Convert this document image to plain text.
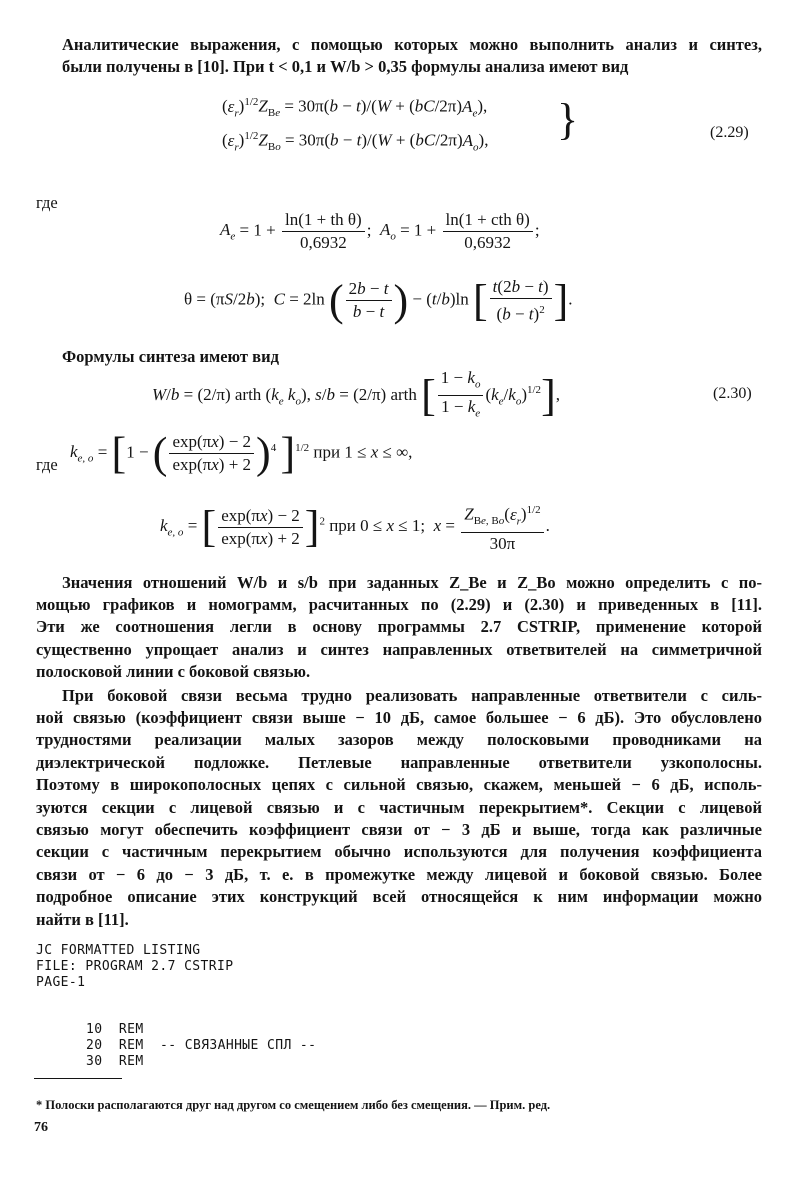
Аналитические выражения, с помощью которых можно выполнить анализ и синтез,
были получены в [10]. При t < 0,1 и W/b > 0,35 формулы анализа имеют вид

$(\varepsilon_r)^{1/2}Z_{Be} = 30\pi(b - t)/(W + (bC/2\pi)A_e)$,
$(\varepsilon_r)^{1/2}Z_{Bo} = 30\pi(b - t)/(W + (bC/2\pi)A_o)$, }	(2.29)
где
$A_e = 1 + \frac{\text{ln(1 + th θ)}}{0,6932}$ ;  $A_o = 1 + \frac{\text{ln(1 + cth θ)}}{0,6932}$ ;
θ = (πS/2b);  C = 2ln ( $\frac{2b - t}{b - t}$ ) − (t/b)ln [ $\frac{t(2b - t)}{(b - t)^2}$ ].
Формулы синтеза имеют вид
W/b = (2/π) arth ($k_e$ $k_o$), s/b = (2/π) arth [ $\frac{1 - k_o}{1 - k_e} (k_e/k_o)^{1/2}$],	(2.30)
где
$k_{e, o} = [1$ − ( $\frac{\exp(\pi x) - 2}{\exp(\pi x) + 2} )^4$ ]$^{1/2}$ при 1 ≤ x ≤ ∞,
$k_{e, o}$ = [ $\frac{\exp(\pi x) - 2}{\exp(\pi x) + 2} ]^2$ при 0 ≤ x ≤ 1;  $x = \frac{Z_{Be, Bo}(\varepsilon_r)^{1/2}}{30\pi}$ .

Значения отношений W/b и s/b при заданных Z_Be и Z_Bo можно определить с по-

мощью графиков и номограмм, расчитанных по (2.29) и (2.30) и приведенных в [11].
Эти же соотношения легли в основу программы 2.7 CSTRIP, применение которой
существенно упрощает анализ и синтез направленных ответвителей на симметричной
полосковой линии с боковой связью.

При боковой связи весьма трудно реализовать направленные ответвители с силь-

ной связью (коэффициент связи выше − 10 дБ, самое большее − 6 дБ). Это обусловлено
трудностями реализации малых зазоров между полосковыми проводниками на
диэлектрической подложке. Петлевые направленные ответвители узкополосны.
Поэтому в широкополосных цепях с сильной связью, скажем, меньшей − 6 дБ, исполь-
зуются секции с лицевой связью и с частичным перекрытием*. Секции с лицевой
связью могут обеспечить коэффициент связи от − 3 дБ и выше, тогда как различные
секции с частичным перекрытием обычно используются для получения коэффициента
связи от − 6 до − 3 дБ, т. е. в промежутке между лицевой и боковой связью. Более
подробное описание этих конструкций всей относящейся к ним информации можно
найти в [11].

JC FORMATTED LISTING
FILE: PROGRAM 2.7 CSTRIP
PAGE-1
10  REM
20  REM  -- СВЯЗАННЫЕ СПЛ --
30  REM
* Полоски располагаются друг над другом со смещением либо без смещения. — Прим. ред.
76
